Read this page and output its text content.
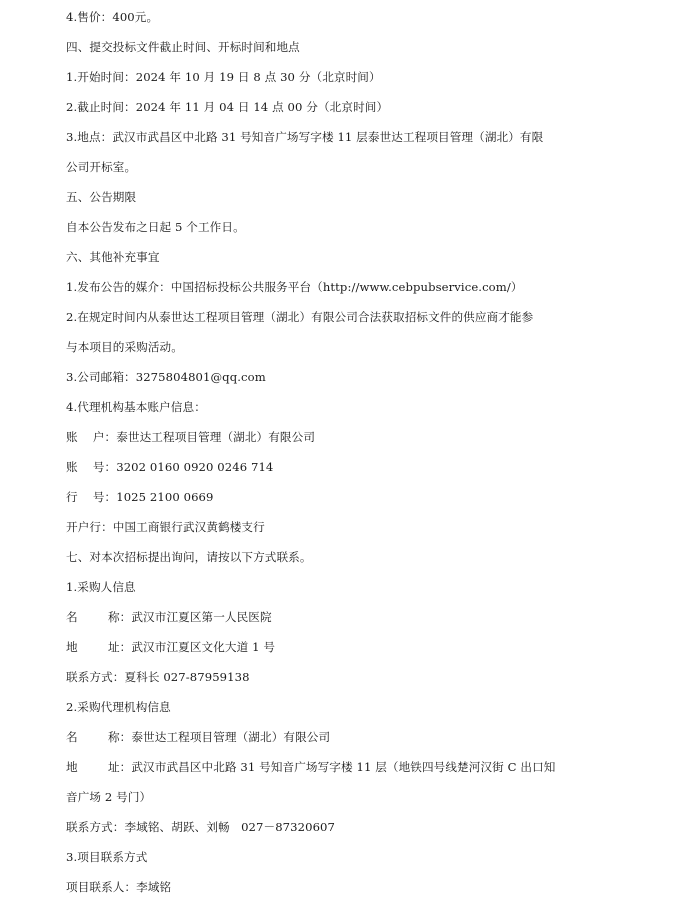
4.售价：400元。
四、提交投标文件截止时间、开标时间和地点
1.开始时间：2024 年 10 月 19 日 8 点 30 分（北京时间）
2.截止时间：2024 年 11 月 04 日 14 点 00 分（北京时间）
3.地点：武汉市武昌区中北路 31 号知音广场写字楼 11 层泰世达工程项目管理（湖北）有限
公司开标室。
五、公告期限
自本公告发布之日起 5 个工作日。
六、其他补充事宜
1.发布公告的媒介：中国招标投标公共服务平台（http://www.cebpubservice.com/）
2.在规定时间内从泰世达工程项目管理（湖北）有限公司合法获取招标文件的供应商才能参
与本项目的采购活动。
3.公司邮箱：3275804801@qq.com
4.代理机构基本账户信息：
账    户：泰世达工程项目管理（湖北）有限公司
账    号：3202 0160 0920 0246 714
行    号：1025 2100 0669
开户行：中国工商银行武汉黄鹤楼支行
七、对本次招标提出询问，请按以下方式联系。
1.采购人信息
名        称：武汉市江夏区第一人民医院
地        址：武汉市江夏区文化大道 1 号
联系方式：夏科长 027-87959138
2.采购代理机构信息
名        称：泰世达工程项目管理（湖北）有限公司
地        址：武汉市武昌区中北路 31 号知音广场写字楼 11 层（地铁四号线楚河汉街 C 出口知
音广场 2 号门）
联系方式：李域铭、胡跃、刘畅   027－87320607
3.项目联系方式
项目联系人：李域铭
